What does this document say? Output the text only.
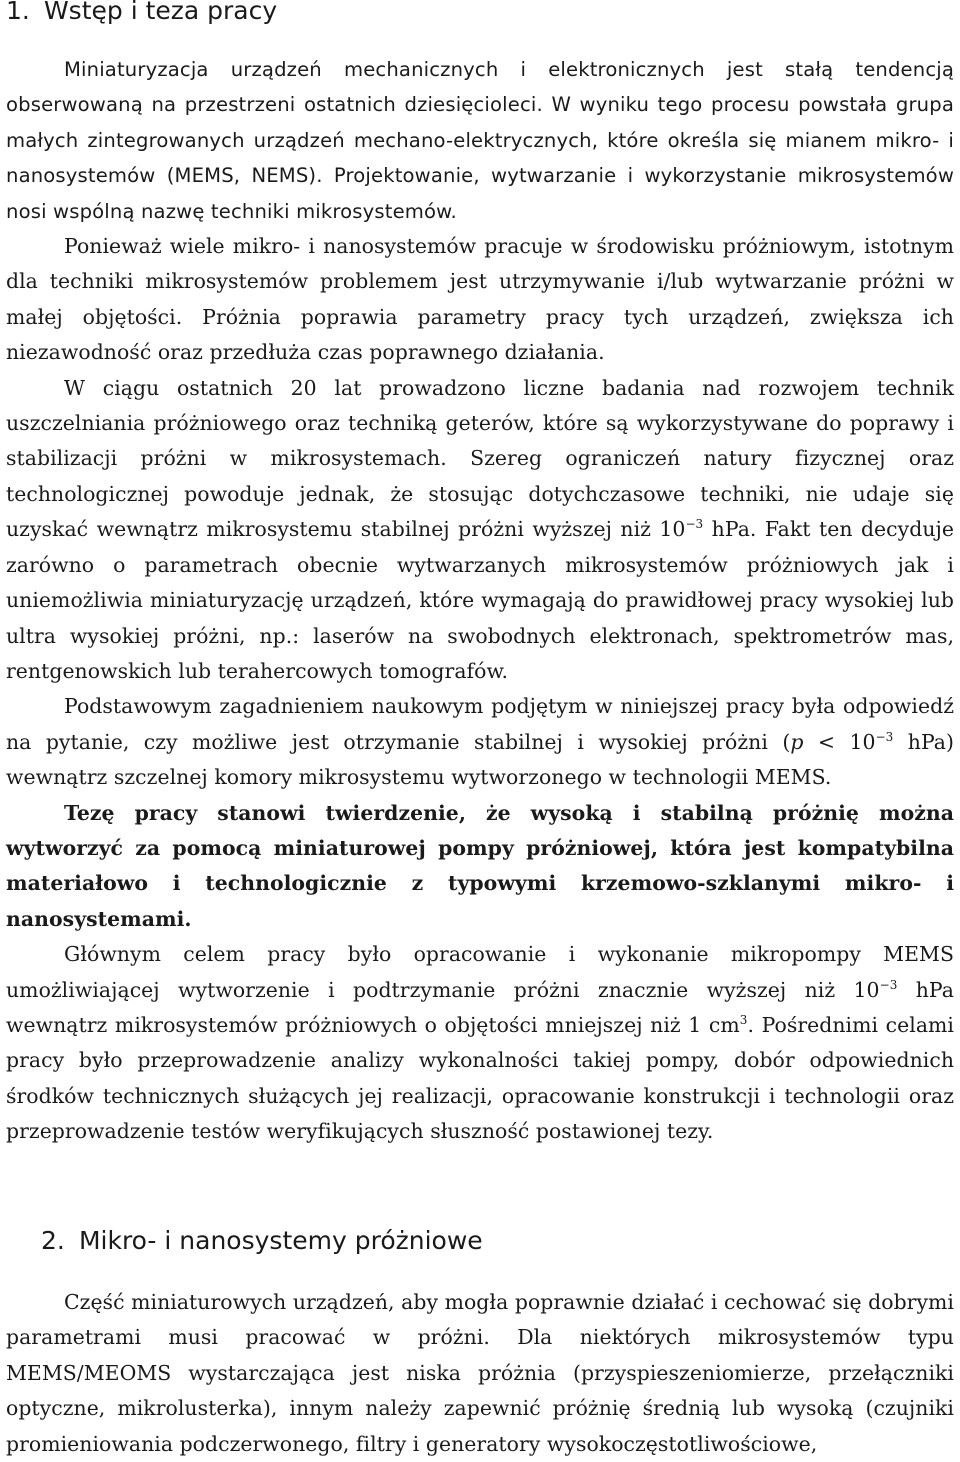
1. Wstęp i teza pracy

Miniaturyzacja urządzeń mechanicznych i elektronicznych jest stałą tendencją obserwowaną na przestrzeni ostatnich dziesięcioleci. W wyniku tego procesu powstała grupa małych zintegrowanych urządzeń mechano-elektrycznych, które określa się mianem mikro- i nanosystemów (MEMS, NEMS). Projektowanie, wytwarzanie i wykorzystanie mikrosystemów nosi wspólną nazwę techniki mikrosystemów.

Ponieważ wiele mikro- i nanosystemów pracuje w środowisku próżniowym, istotnym dla techniki mikrosystemów problemem jest utrzymywanie i/lub wytwarzanie próżni w małej objętości. Próżnia poprawia parametry pracy tych urządzeń, zwiększa ich niezawodność oraz przedłuża czas poprawnego działania.

W ciągu ostatnich 20 lat prowadzono liczne badania nad rozwojem technik uszczelniania próżniowego oraz techniką geterów, które są wykorzystywane do poprawy i stabilizacji próżni w mikrosystemach. Szereg ograniczeń natury fizycznej oraz technologicznej powoduje jednak, że stosując dotychczasowe techniki, nie udaje się uzyskać wewnątrz mikrosystemu stabilnej próżni wyższej niż $10^{-3}$ hPa. Fakt ten decyduje zarówno o parametrach obecnie wytwarzanych mikrosystemów próżniowych jak i uniemożliwia miniaturyzację urządzeń, które wymagają do prawidłowej pracy wysokiej lub ultra wysokiej próżni, np.: laserów na swobodnych elektronach, spektrometrów mas, rentgenowskich lub terahercowych tomografów.

Podstawowym zagadnieniem naukowym podjętym w niniejszej pracy była odpowiedź na pytanie, czy możliwe jest otrzymanie stabilnej i wysokiej próżni ($p < 10^{-3}$ hPa) wewnątrz szczelnej komory mikrosystemu wytworzonego w technologii MEMS.

Tezę pracy stanowi twierdzenie, że wysoką i stabilną próżnię można wytworzyć za pomocą miniaturowej pompy próżniowej, która jest kompatybilna materiałowo i technologicznie z typowymi krzemowo-szklanymi mikro- i nanosystemami.

Głównym celem pracy było opracowanie i wykonanie mikropompy MEMS umożliwiającej wytworzenie i podtrzymanie próżni znacznie wyższej niż $10^{-3}$ hPa wewnątrz mikrosystemów próżniowych o objętości mniejszej niż 1 $cm^3$. Pośrednimi celami pracy było przeprowadzenie analizy wykonalności takiej pompy, dobór odpowiednich środków technicznych służących jej realizacji, opracowanie konstrukcji i technologii oraz przeprowadzenie testów weryfikujących słuszność postawionej tezy.

2. Mikro- i nanosystemy próżniowe

Część miniaturowych urządzeń, aby mogła poprawnie działać i cechować się dobrymi parametrami musi pracować w próżni. Dla niektórych mikrosystemów typu MEMS/MEOMS wystarczająca jest niska próżnia (przyspieszeniomierze, przełączniki optyczne, mikrolusterka), innym należy zapewnić próżnię średnią lub wysoką (czujniki promieniowania podczerwonego, filtry i generatory wysokoczęstotliwościowe,
